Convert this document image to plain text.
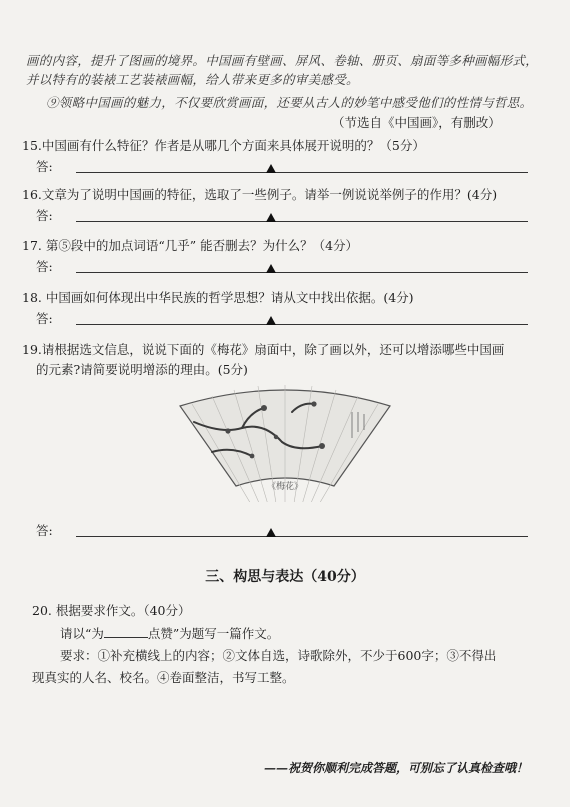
画的内容，提升了图画的境界。中国画有壁画、屏风、卷轴、册页、扇面等多种画幅形式，
并以特有的装裱工艺装裱画幅，给人带来更多的审美感受。
⑨领略中国画的魅力，不仅要欣赏画面，还要从古人的妙笔中感受他们的性情与哲思。
（节选自《中国画》，有删改）
15.中国画有什么特征？作者是从哪几个方面来具体展开说明的？（5分）
答:
16.文章为了说明中国画的特征，选取了一些例子。请举一例说说举例子的作用？(4分)
答:
17. 第⑤段中的加点词语“几乎” 能否删去？为什么？（4分）
答:
18. 中国画如何体现出中华民族的哲学思想？请从文中找出依据。(4分)
答:
19.请根据选文信息，说说下面的《梅花》扇面中，除了画以外，还可以增添哪些中国画
的元素?请简要说明增添的理由。(5分)
《梅花》
答:
三、构思与表达（40分）
20. 根据要求作文。（40分）
请以“为	点赞”为题写一篇作文。
要求：①补充横线上的内容；②文体自选，诗歌除外，不少于600字；③不得出
现真实的人名、校名。④卷面整洁，书写工整。
——祝贺你顺利完成答题，可别忘了认真检查哦！
